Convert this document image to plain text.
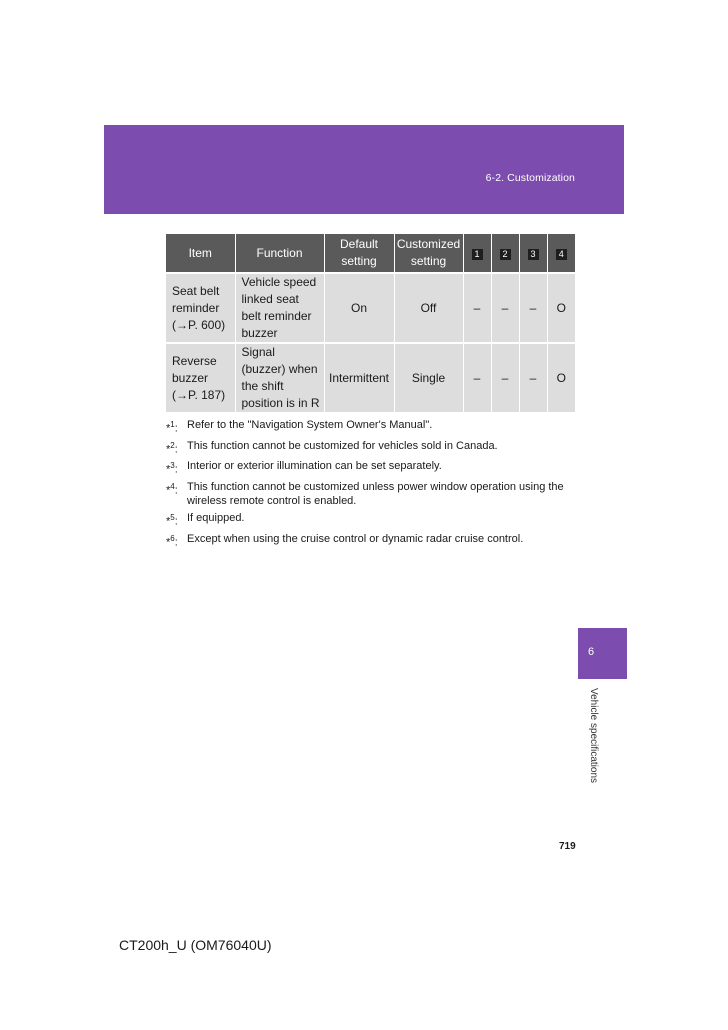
6-2. Customization
Item	Function	Default setting	Customized setting	1	2	3	4
Seat belt reminder (→P. 600)	Vehicle speed linked seat belt reminder buzzer	On	Off	–	–	–	O
Reverse buzzer (→P. 187)	Signal (buzzer) when the shift position is in R	Intermittent	Single	–	–	–	O
*$^1$: Refer to the "Navigation System Owner's Manual".
*$^2$: This function cannot be customized for vehicles sold in Canada.
*$^3$: Interior or exterior illumination can be set separately.
*$^4$: This function cannot be customized unless power window operation using the wireless remote control is enabled.
*$^5$: If equipped.
*$^6$: Except when using the cruise control or dynamic radar cruise control.
6
Vehicle specifications
719
CT200h_U (OM76040U)
